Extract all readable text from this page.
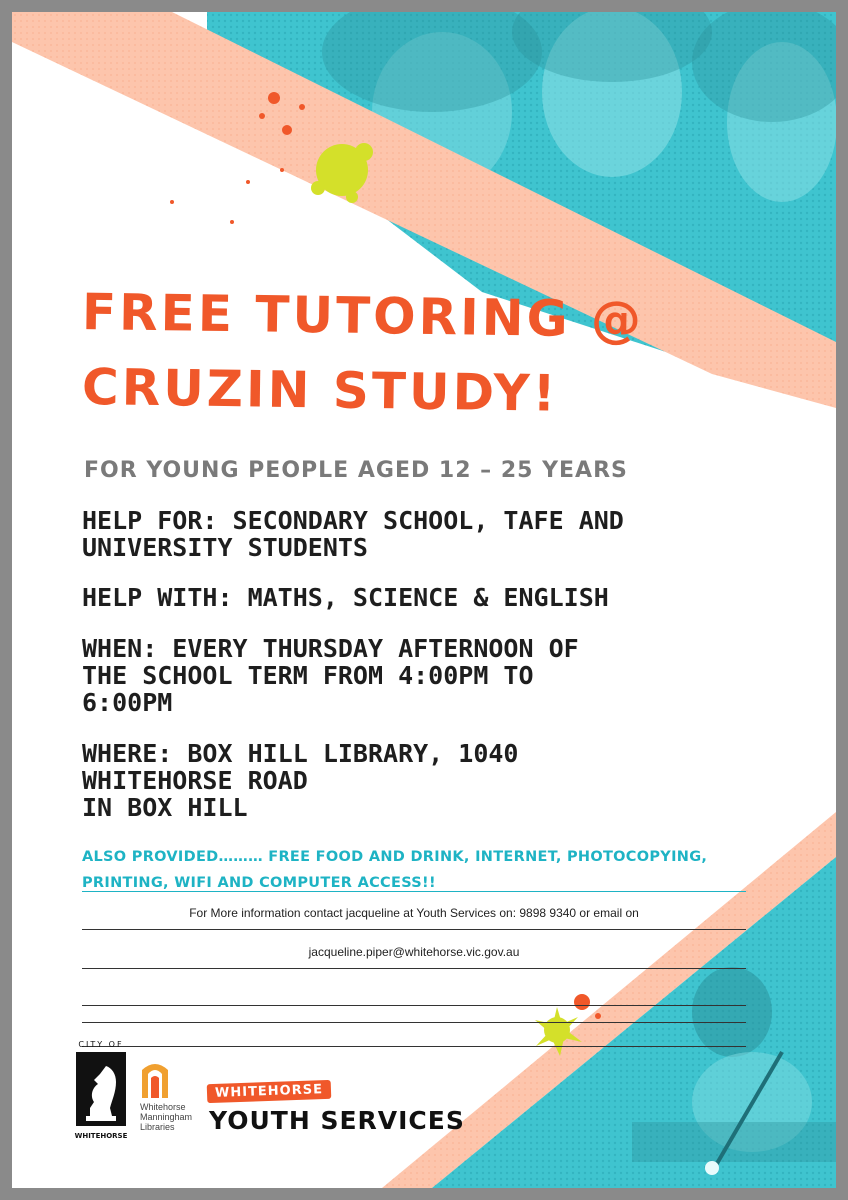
FREE TUTORING @
CRUZIN STUDY!
FOR YOUNG PEOPLE AGED 12 – 25 YEARS
HELP FOR: SECONDARY SCHOOL, TAFE AND
UNIVERSITY STUDENTS
HELP WITH: MATHS, SCIENCE & ENGLISH
WHEN: EVERY THURSDAY AFTERNOON OF
THE SCHOOL TERM FROM 4:00PM TO
6:00PM
WHERE: BOX HILL LIBRARY, 1040
WHITEHORSE ROAD
IN BOX HILL
ALSO PROVIDED……… FREE FOOD AND DRINK, INTERNET, PHOTOCOPYING,
PRINTING, WIFI AND COMPUTER ACCESS!!
For More information contact jacqueline at Youth Services on: 9898 9340 or email on
jacqueline.piper@whitehorse.vic.gov.au
CITY OF
WHITEHORSE
Whitehorse
Manningham
Libraries
WHITEHORSE
YOUTH SERVICES
